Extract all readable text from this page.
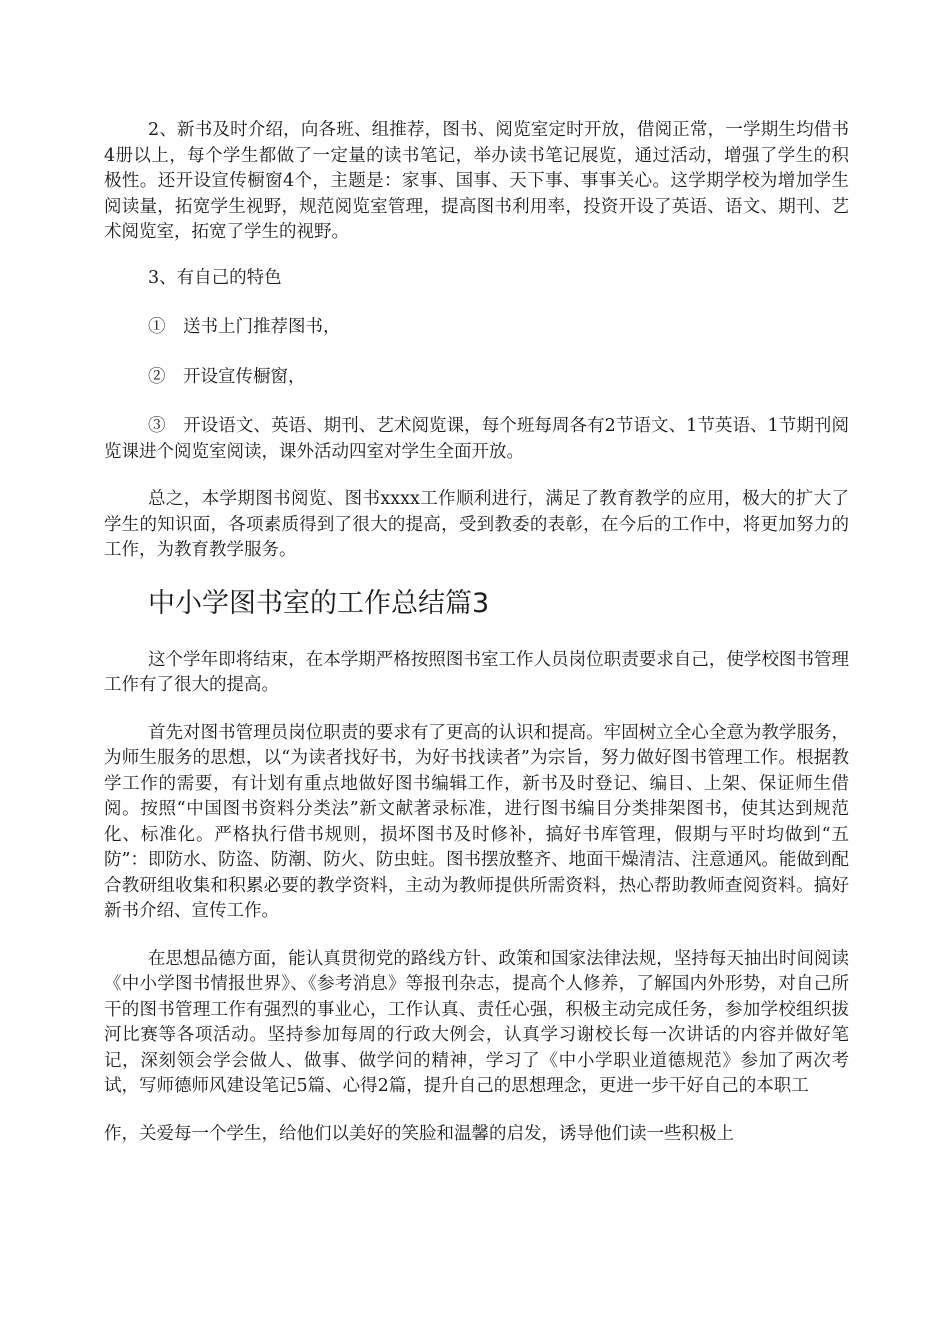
2、新书及时介绍，向各班、组推荐，图书、阅览室定时开放，借阅正常，一学期生均借书4册以上，每个学生都做了一定量的读书笔记，举办读书笔记展览，通过活动，增强了学生的积极性。还开设宣传橱窗4个，主题是：家事、国事、天下事、事事关心。这学期学校为增加学生阅读量，拓宽学生视野，规范阅览室管理，提高图书利用率，投资开设了英语、语文、期刊、艺术阅览室，拓宽了学生的视野。

3、有自己的特色

①　送书上门推荐图书，

②　开设宣传橱窗，

③　开设语文、英语、期刊、艺术阅览课，每个班每周各有2节语文、1节英语、1节期刊阅览课进个阅览室阅读，课外活动四室对学生全面开放。

总之，本学期图书阅览、图书xxxx工作顺利进行，满足了教育教学的应用，极大的扩大了学生的知识面，各项素质得到了很大的提高，受到教委的表彰，在今后的工作中，将更加努力的工作，为教育教学服务。

中小学图书室的工作总结篇3

这个学年即将结束，在本学期严格按照图书室工作人员岗位职责要求自己，使学校图书管理工作有了很大的提高。

首先对图书管理员岗位职责的要求有了更高的认识和提高。牢固树立全心全意为教学服务，为师生服务的思想，以“为读者找好书，为好书找读者”为宗旨，努力做好图书管理工作。根据教学工作的需要，有计划有重点地做好图书编辑工作，新书及时登记、编目、上架、保证师生借阅。按照“中国图书资料分类法”新文献著录标准，进行图书编目分类排架图书，使其达到规范化、标准化。严格执行借书规则，损坏图书及时修补，搞好书库管理，假期与平时均做到“五防”：即防水、防盗、防潮、防火、防虫蛀。图书摆放整齐、地面干燥清洁、注意通风。能做到配合教研组收集和积累必要的教学资料，主动为教师提供所需资料，热心帮助教师查阅资料。搞好新书介绍、宣传工作。

在思想品德方面，能认真贯彻党的路线方针、政策和国家法律法规，坚持每天抽出时间阅读《中小学图书情报世界》、《参考消息》等报刊杂志，提高个人修养，了解国内外形势，对自己所干的图书管理工作有强烈的事业心，工作认真、责任心强，积极主动完成任务，参加学校组织拔河比赛等各项活动。坚持参加每周的行政大例会，认真学习谢校长每一次讲话的内容并做好笔记，深刻领会学会做人、做事、做学问的精神，学习了《中小学职业道德规范》参加了两次考试，写师德师风建设笔记5篇、心得2篇，提升自己的思想理念，更进一步干好自己的本职工

作，关爱每一个学生，给他们以美好的笑脸和温馨的启发，诱导他们读一些积极上
